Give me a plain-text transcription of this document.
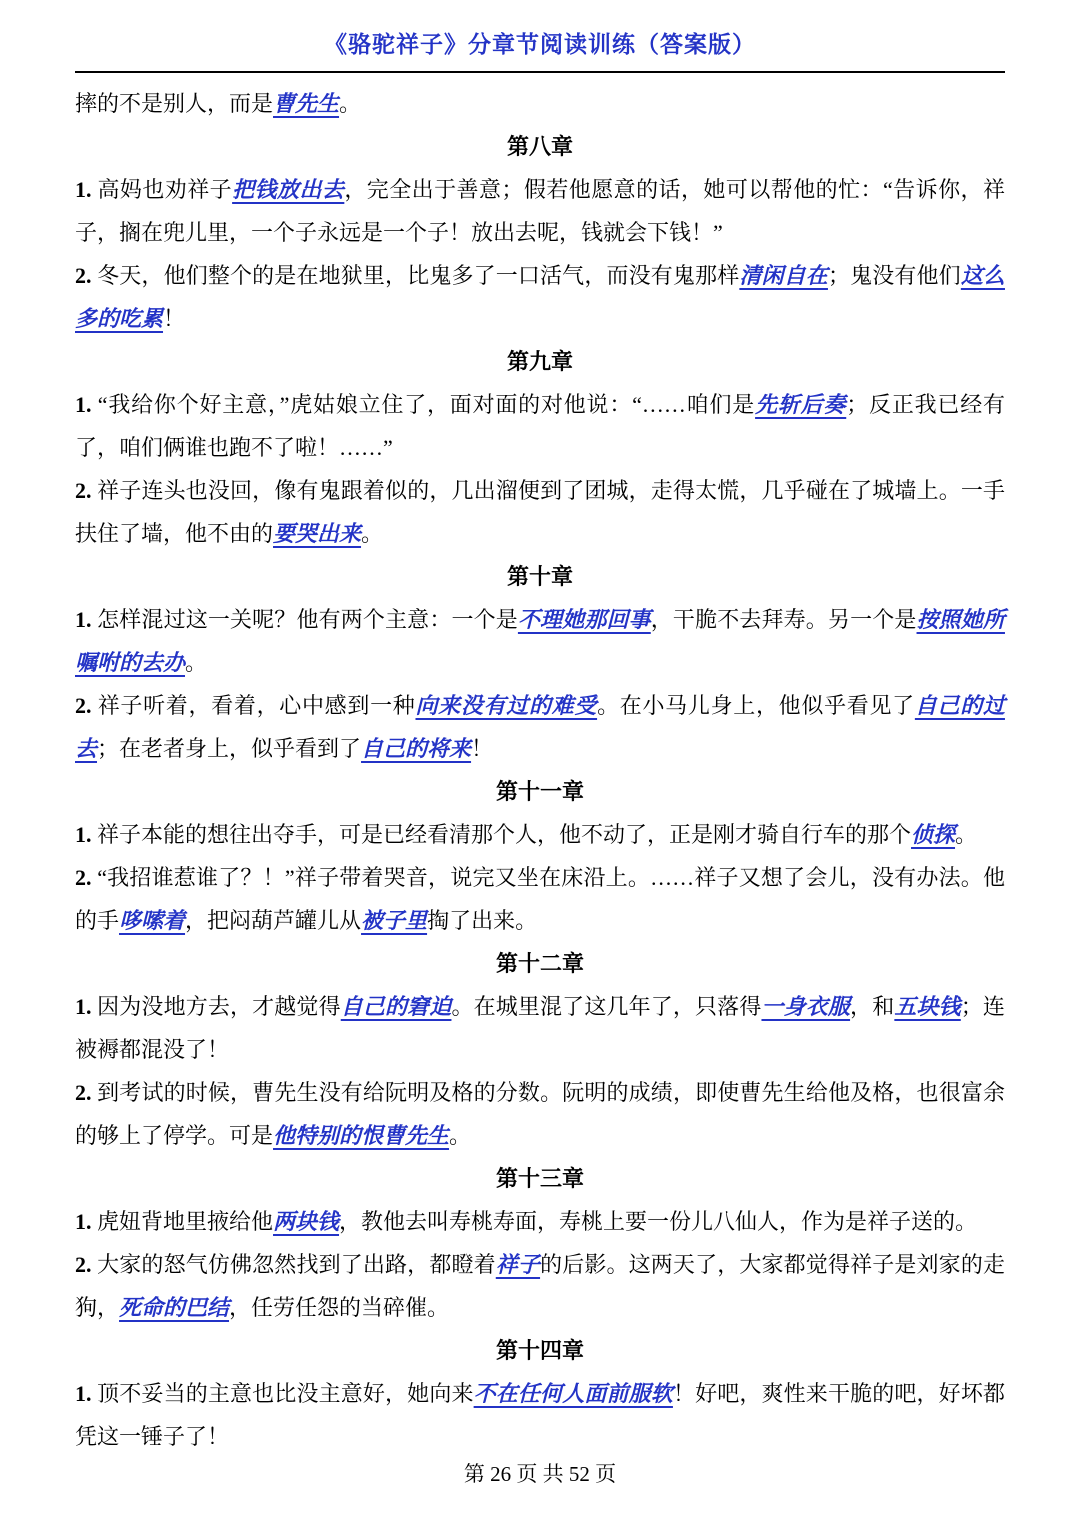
《骆驼祥子》分章节阅读训练（答案版）

摔的不是别人，而是曹先生。

第八章

1. 高妈也劝祥子把钱放出去，完全出于善意；假若他愿意的话，她可以帮他的忙：“告诉你，祥子，搁在兜儿里，一个子永远是一个子！放出去呢，钱就会下钱！”

2. 冬天，他们整个的是在地狱里，比鬼多了一口活气，而没有鬼那样清闲自在；鬼没有他们这么多的吃累！

第九章

1. “我给你个好主意，”虎姑娘立住了，面对面的对他说：“……咱们是先斩后奏；反正我已经有了，咱们俩谁也跑不了啦！……”

2. 祥子连头也没回，像有鬼跟着似的，几出溜便到了团城，走得太慌，几乎碰在了城墙上。一手扶住了墙，他不由的要哭出来。

第十章

1. 怎样混过这一关呢？他有两个主意：一个是不理她那回事，干脆不去拜寿。另一个是按照她所嘱咐的去办。

2. 祥子听着，看着，心中感到一种向来没有过的难受。在小马儿身上，他似乎看见了自己的过去；在老者身上，似乎看到了自己的将来！

第十一章

1. 祥子本能的想往出夺手，可是已经看清那个人，他不动了，正是刚才骑自行车的那个侦探。

2. “我招谁惹谁了？！”祥子带着哭音，说完又坐在床沿上。……祥子又想了会儿，没有办法。他的手哆嗦着，把闷葫芦罐儿从被子里掏了出来。

第十二章

1. 因为没地方去，才越觉得自己的窘迫。在城里混了这几年了，只落得一身衣服，和五块钱；连被褥都混没了！

2. 到考试的时候，曹先生没有给阮明及格的分数。阮明的成绩，即使曹先生给他及格，也很富余的够上了停学。可是他特别的恨曹先生。

第十三章

1. 虎妞背地里掖给他两块钱，教他去叫寿桃寿面，寿桃上要一份儿八仙人，作为是祥子送的。

2. 大家的怒气仿佛忽然找到了出路，都瞪着祥子的后影。这两天了，大家都觉得祥子是刘家的走狗，死命的巴结，任劳任怨的当碎催。

第十四章

1. 顶不妥当的主意也比没主意好，她向来不在任何人面前服软！好吧，爽性来干脆的吧，好坏都凭这一锤子了！

第 26 页 共 52 页
